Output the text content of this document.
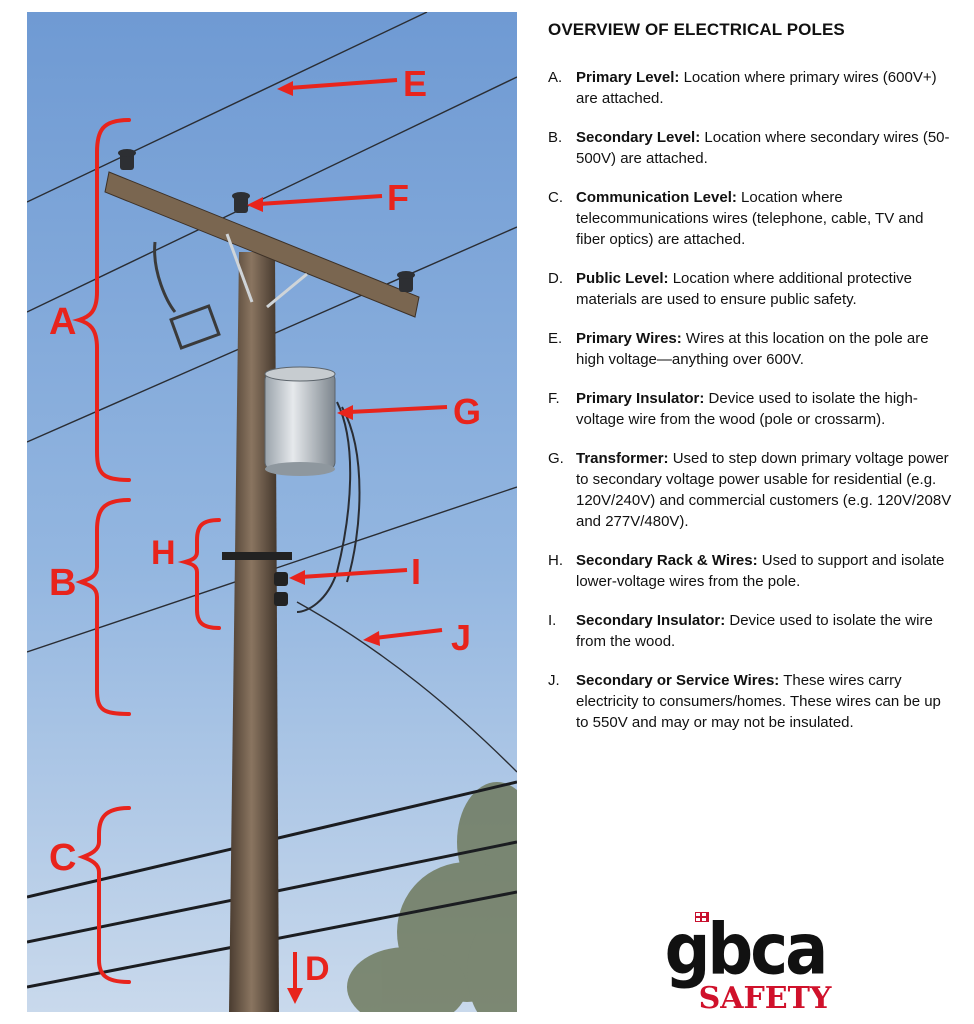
A
B
C
D
E
F
G
H	I
J
OVERVIEW OF ELECTRICAL POLES
A. Primary Level: Location where primary wires (600V+) are attached.
B. Secondary Level: Location where secondary wires (50-500V) are attached.
C. Communication Level: Location where telecommunications wires (telephone, cable, TV and fiber optics) are attached.
D. Public Level: Location where additional protective materials are used to ensure public safety.
E. Primary Wires: Wires at this location on the pole are high voltage—anything over 600V.
F.	Primary Insulator: Device used to isolate the high-voltage wire from the wood (pole or crossarm).
G. Transformer: Used to step down primary voltage power to secondary voltage power usable for residential (e.g. 120V/240V) and commercial customers (e.g. 120V/208V and 277V/480V).
H. Secondary Rack & Wires: Used to support and isolate lower-voltage wires from the pole.
I.	Secondary Insulator: Device used to isolate the wire from the wood.
J.	Secondary or Service Wires: These wires carry electricity to consumers/homes. These wires can be up to 550V and may or may not be insulated.
gbca
SAFETY
